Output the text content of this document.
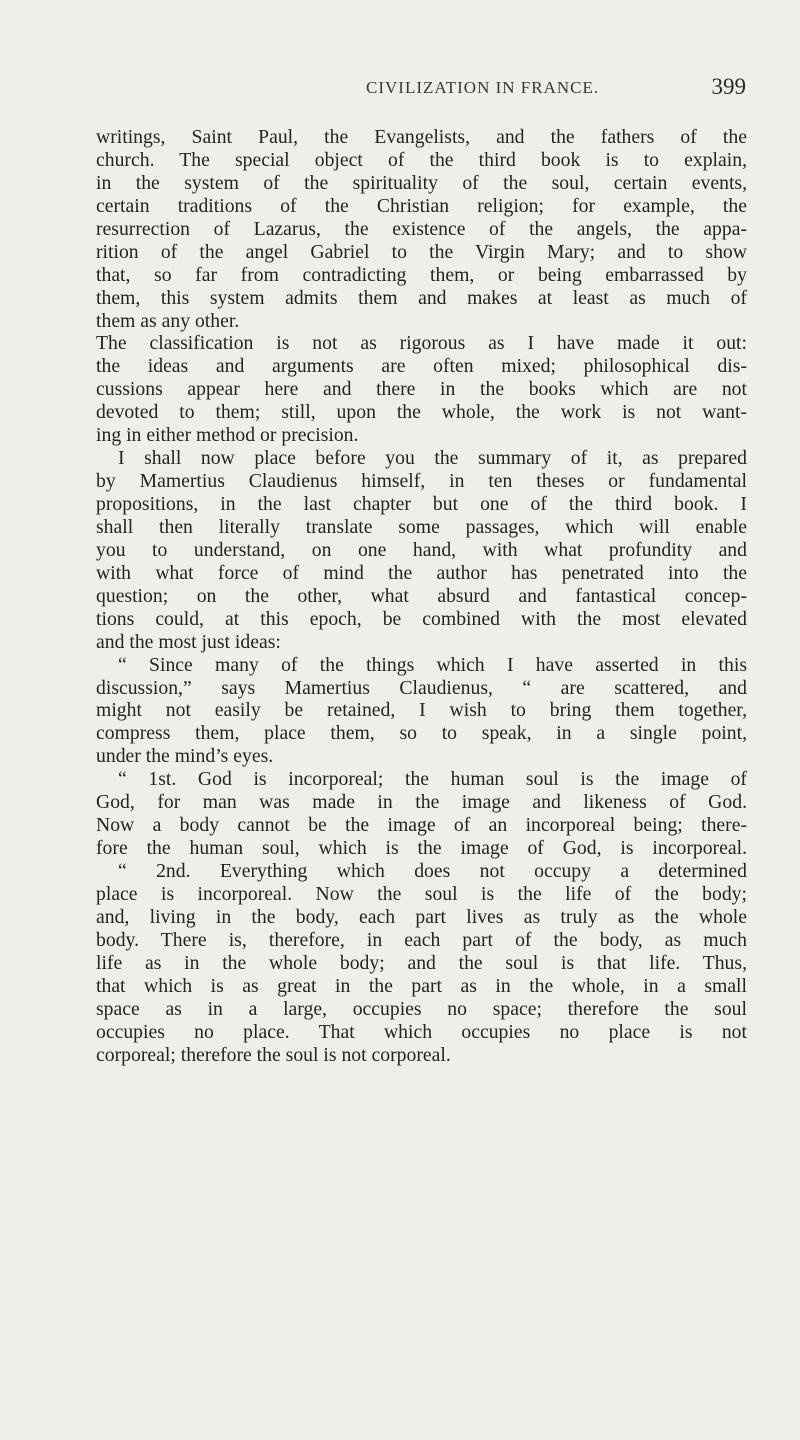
CIVILIZATION IN FRANCE.	399
writings, Saint Paul, the Evangelists, and the fathers of the
church. The special object of the third book is to explain,
in the system of the spirituality of the soul, certain events,
certain traditions of the Christian religion; for example, the
resurrection of Lazarus, the existence of the angels, the appa-
rition of the angel Gabriel to the Virgin Mary; and to show
that, so far from contradicting them, or being embarrassed by
them, this system admits them and makes at least as much of
them as any other.
The classification is not as rigorous as I have made it out:
the ideas and arguments are often mixed; philosophical dis-
cussions appear here and there in the books which are not
devoted to them; still, upon the whole, the work is not want-
ing in either method or precision.
I shall now place before you the summary of it, as prepared
by Mamertius Claudienus himself, in ten theses or fundamental
propositions, in the last chapter but one of the third book. I
shall then literally translate some passages, which will enable
you to understand, on one hand, with what profundity and
with what force of mind the author has penetrated into the
question; on the other, what absurd and fantastical concep-
tions could, at this epoch, be combined with the most elevated
and the most just ideas:
“ Since many of the things which I have asserted in this
discussion,” says Mamertius Claudienus, “ are scattered, and
might not easily be retained, I wish to bring them together,
compress them, place them, so to speak, in a single point,
under the mind’s eyes.
“ 1st. God is incorporeal; the human soul is the image of
God, for man was made in the image and likeness of God.
Now a body cannot be the image of an incorporeal being; there-
fore the human soul, which is the image of God, is incorporeal.
“ 2nd. Everything which does not occupy a determined
place is incorporeal. Now the soul is the life of the body;
and, living in the body, each part lives as truly as the whole
body. There is, therefore, in each part of the body, as much
life as in the whole body; and the soul is that life. Thus,
that which is as great in the part as in the whole, in a small
space as in a large, occupies no space; therefore the soul
occupies no place. That which occupies no place is not
corporeal; therefore the soul is not corporeal.
